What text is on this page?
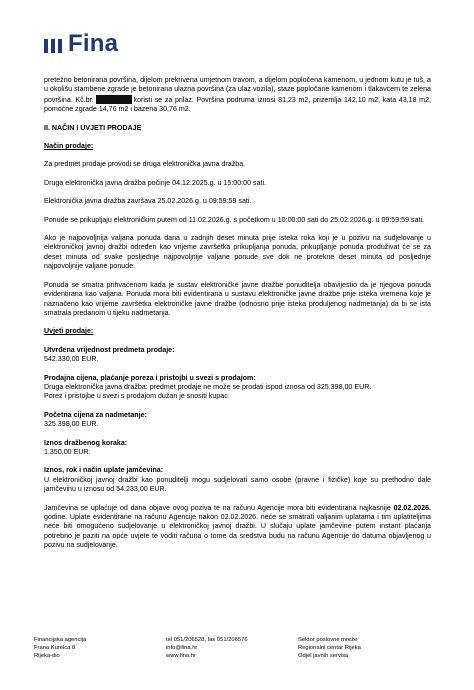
Fina

pretežno betonirana površina, dijelom prekrivena umjetnom travom, a dijelom popločena kamenom, u jednom kutu je tuš, a u okolišu stambene zgrade je betonirana ulazna površina (za ulaz vozila), staze popločane kamenom i tlakavcem te zelena površina. Kč.br.	koristi se za prilaz. Površina podruma iznosi 81,23 m2, prizemlja 142,10 m2, kata 43,18 m2, pomoćne zgrade 14,76 m2 i bazena 30,76 m2.

II. NAČIN I UVJETI PRODAJE
Način prodaje:

Za predmet prodaje provodi se druga elektronička javna dražba.

Druga elektronička javna dražba počinje 04.12.2025.g. u 15:00:00 sati.

Elektronička javna dražba završava 25.02.2026.g. u 09:59:59 sati.

Ponude se prikupljaju elektroničkim putem od 11.02.2026.g. s početkom u 10:00:00 sati do 25.02.2026.g. u 09:59:59 sati.

Ako je najpovoljnija valjana ponuda dana u zadnjih deset minuta prije isteka roka koji je u pozivu na sudjelovanje u elektroničkoj javnoj dražbi određen kao vrijeme završetka prikupljanja ponuda, prikupljanje ponuda produživat će se za deset minuta od svake posljednje najpovoljnije valjane ponude sve dok ne protekne deset minuta od posljednje najpovoljnije valjane ponude.

Ponuda se smatra prihvaćenom kada je sustav elektroničke javne dražbe ponuditelja obavijestio da je njegova ponuda evidentirana kao valjana. Ponuda mora biti evidentirana u sustavu elektroničke javne dražbe prije isteka vremena koje je naznačeno kao vrijeme završetka elektroničke javne dražbe (odnosno prije isteka produljenog nadmetanja) da bi se ista smatrala predanom u tijeku nadmetanja.

Uvjeti prodaje:
Utvrđena vrijednost predmeta prodaje:
542.330,00 EUR.
Prodajna cijena, plaćanje poreza i pristojbi u svezi s prodajom:
Druga elektronička javna dražba: predmet prodaje ne može se prodati ispod iznosa od 325.398,00 EUR.
Porez i pristojbe u svezi s prodajom dužan je snositi kupac
Početna cijena za nadmetanje:
325.398,00 EUR.
Iznos dražbenog koraka:
1.350,00 EUR.
Iznos, rok i način uplate jamčevina:
U elektroničkoj javnoj dražbi kao ponuditelji mogu sudjelovati samo osobe (pravne i fizičke) koje su prethodno dale jamčevinu u iznosu od 54.233,00 EUR.

Jamčevina se uplaćuje od dana objave ovog poziva te na računu Agencije mora biti evidentirana najkasnije 02.02.2026. godine. Uplate evidentirane na računu Agencije nakon 02.02.2026. neće se smatrati valjanim uplatama i tim uplatiteljima neće biti omogućeno sudjelovanje u elektroničkoj javnoj dražbi. U slučaju uplate jamčevine putem instant plaćanja potrebno je paziti na opće uvjete te voditi računa o tome da sredstva budu na računu Agencije do datuma objavljenog u pozivu na sudjelovanje.

Financijska agencija
Frana Kurelca 8
Rijeka-dio
tel 051/206528, fax 051/206576
info@fina.hr
www.fina.hr
Sektor poslovne mreže
Regionalni centar Rijeka
Odjel javnih servisa
